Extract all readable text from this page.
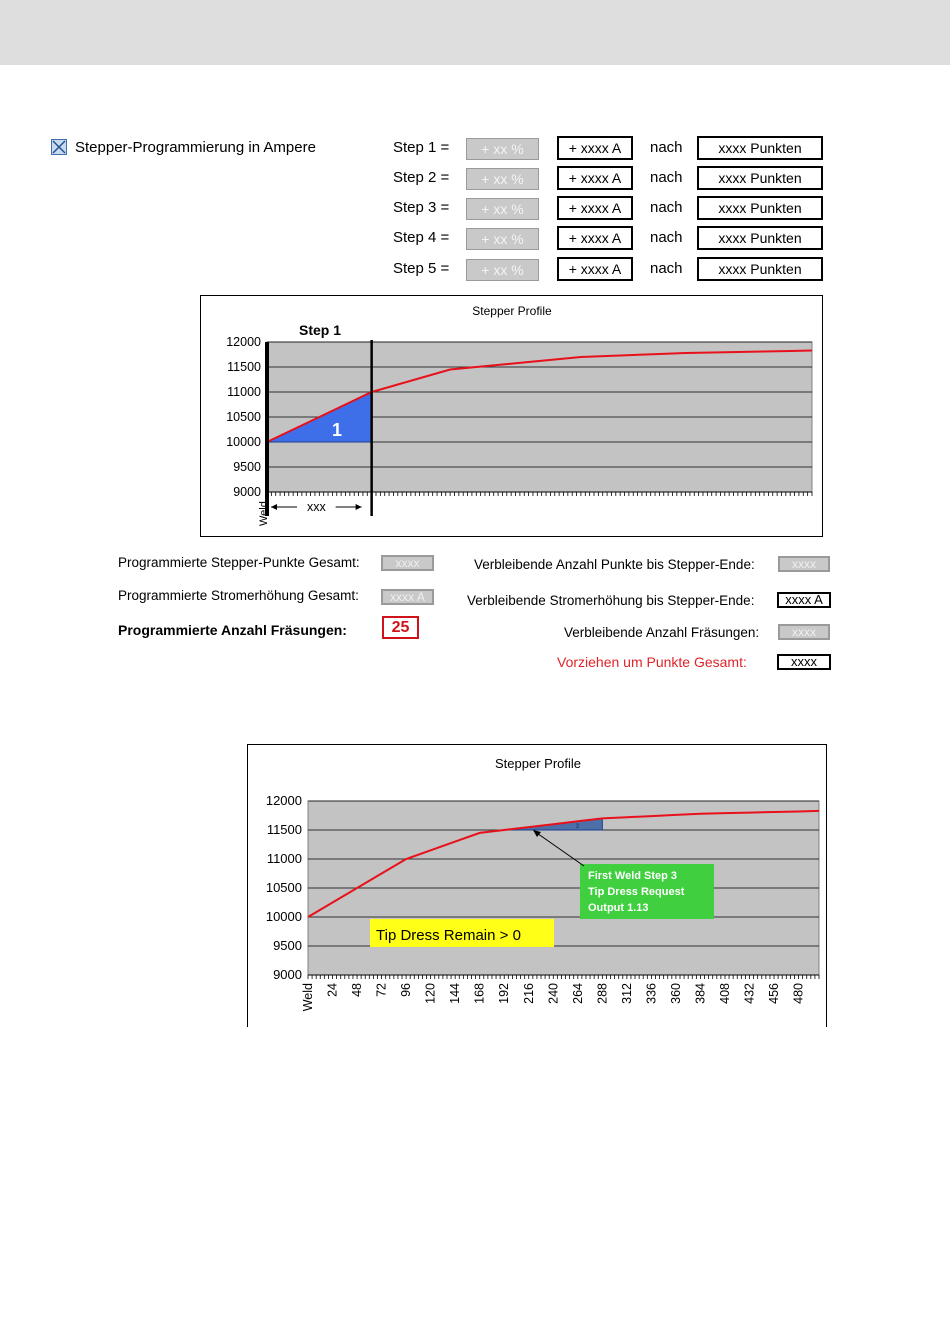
Stepper-Programmierung in Ampere	Step 1 =	+ xx %	+ xxxx A	nach	xxxx Punkten
Step 2 =	+ xx %	+ xxxx A	nach	xxxx Punkten
Step 3 =	+ xx %	+ xxxx A	nach	xxxx Punkten
Step 4 =	+ xx %	+ xxxx A	nach	xxxx Punkten
Step 5 =	+ xx %	+ xxxx A	nach	xxxx Punkten
Stepper Profile
12000
11500
11000
10500
10000
9500
9000
Step 1
1
xxx
Weld
Programmierte Stepper-Punkte Gesamt:	xxxx
Programmierte Stromerhöhung Gesamt:	xxxx A
Programmierte Anzahl Fräsungen:	25
Verbleibende Anzahl Punkte bis Stepper-Ende:	xxxx
Verbleibende Stromerhöhung bis Stepper-Ende:	xxxx A
Verbleibende Anzahl Fräsungen:	xxxx
Vorziehen um Punkte Gesamt:	xxxx
Stepper Profile
12000
11500
11000
10500
10000
9500
9000
3
Weld 24 48 72 96 120 144 168 192 216 240 264 288 312 336 360 384 408 432 456 480
First Weld Step 3
Tip Dress Request
Output 1.13
Tip Dress Remain > 0
